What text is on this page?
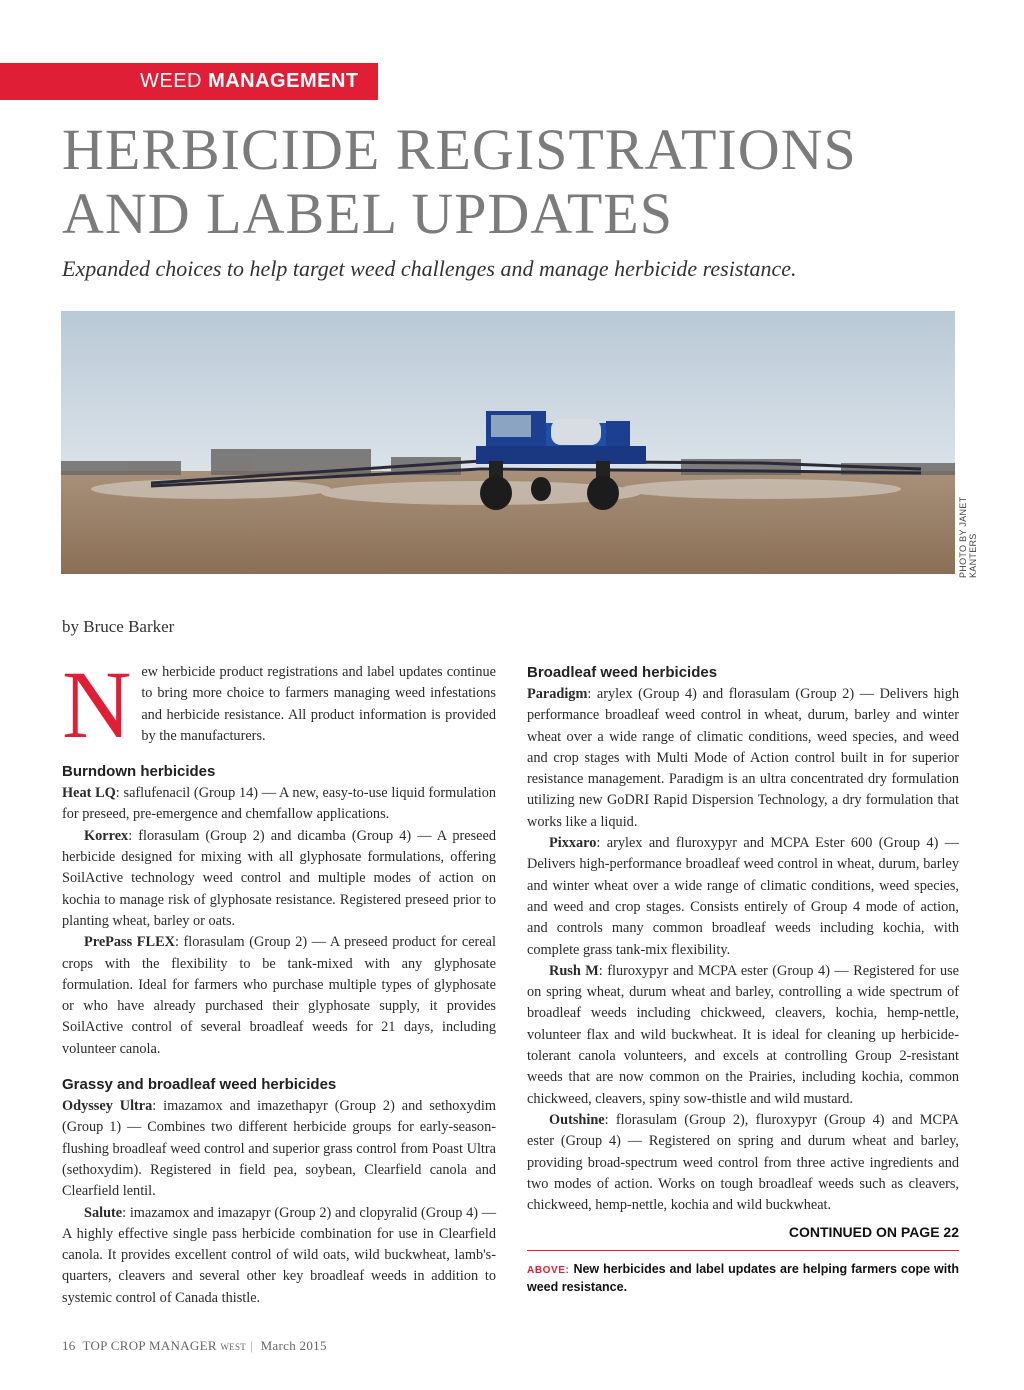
WEED MANAGEMENT
HERBICIDE REGISTRATIONS
AND LABEL UPDATES

Expanded choices to help target weed challenges and manage herbicide resistance.

PHOTO BY JANET KANTERS
by Bruce Barker

New herbicide product registrations and label updates continue to bring more choice to farmers managing weed infestations and herbicide resistance. All product information is provided by the manufacturers.

Burndown herbicides

Heat LQ: saflufenacil (Group 14) — A new, easy-to-use liquid formulation for preseed, pre-emergence and chemfallow applications.

Korrex: florasulam (Group 2) and dicamba (Group 4) — A preseed herbicide designed for mixing with all glyphosate formulations, offering SoilActive technology weed control and multiple modes of action on kochia to manage risk of glyphosate resistance. Registered preseed prior to planting wheat, barley or oats.

PrePass FLEX: florasulam (Group 2) — A preseed product for cereal crops with the flexibility to be tank-mixed with any glyphosate formulation. Ideal for farmers who purchase multiple types of glyphosate or who have already purchased their glyphosate supply, it provides SoilActive control of several broadleaf weeds for 21 days, including volunteer canola.

Grassy and broadleaf weed herbicides

Odyssey Ultra: imazamox and imazethapyr (Group 2) and sethoxydim (Group 1) — Combines two different herbicide groups for early-season-flushing broadleaf weed control and superior grass control from Poast Ultra (sethoxydim). Registered in field pea, soybean, Clearfield canola and Clearfield lentil.

Salute: imazamox and imazapyr (Group 2) and clopyralid (Group 4) — A highly effective single pass herbicide combination for use in Clearfield canola. It provides excellent control of wild oats, wild buckwheat, lamb's-quarters, cleavers and several other key broadleaf weeds in addition to systemic control of Canada thistle.

Broadleaf weed herbicides

Paradigm: arylex (Group 4) and florasulam (Group 2) — Delivers high performance broadleaf weed control in wheat, durum, barley and winter wheat over a wide range of climatic conditions, weed species, and weed and crop stages with Multi Mode of Action control built in for superior resistance management. Paradigm is an ultra concentrated dry formulation utilizing new GoDRI Rapid Dispersion Technology, a dry formulation that works like a liquid.

Pixxaro: arylex and fluroxypyr and MCPA Ester 600 (Group 4) — Delivers high-performance broadleaf weed control in wheat, durum, barley and winter wheat over a wide range of climatic conditions, weed species, and weed and crop stages. Consists entirely of Group 4 mode of action, and controls many common broadleaf weeds including kochia, with complete grass tank-mix flexibility.

Rush M: fluroxypyr and MCPA ester (Group 4) — Registered for use on spring wheat, durum wheat and barley, controlling a wide spectrum of broadleaf weeds including chickweed, cleavers, kochia, hemp-nettle, volunteer flax and wild buckwheat. It is ideal for cleaning up herbicide-tolerant canola volunteers, and excels at controlling Group 2-resistant weeds that are now common on the Prairies, including kochia, common chickweed, cleavers, spiny sow-thistle and wild mustard.

Outshine: florasulam (Group 2), fluroxypyr (Group 4) and MCPA ester (Group 4) — Registered on spring and durum wheat and barley, providing broad-spectrum weed control from three active ingredients and two modes of action. Works on tough broadleaf weeds such as cleavers, chickweed, hemp-nettle, kochia and wild buckwheat.

CONTINUED ON PAGE 22
ABOVE: New herbicides and label updates are helping farmers cope with weed resistance.
16 TOP CROP MANAGER WEST | March 2015
